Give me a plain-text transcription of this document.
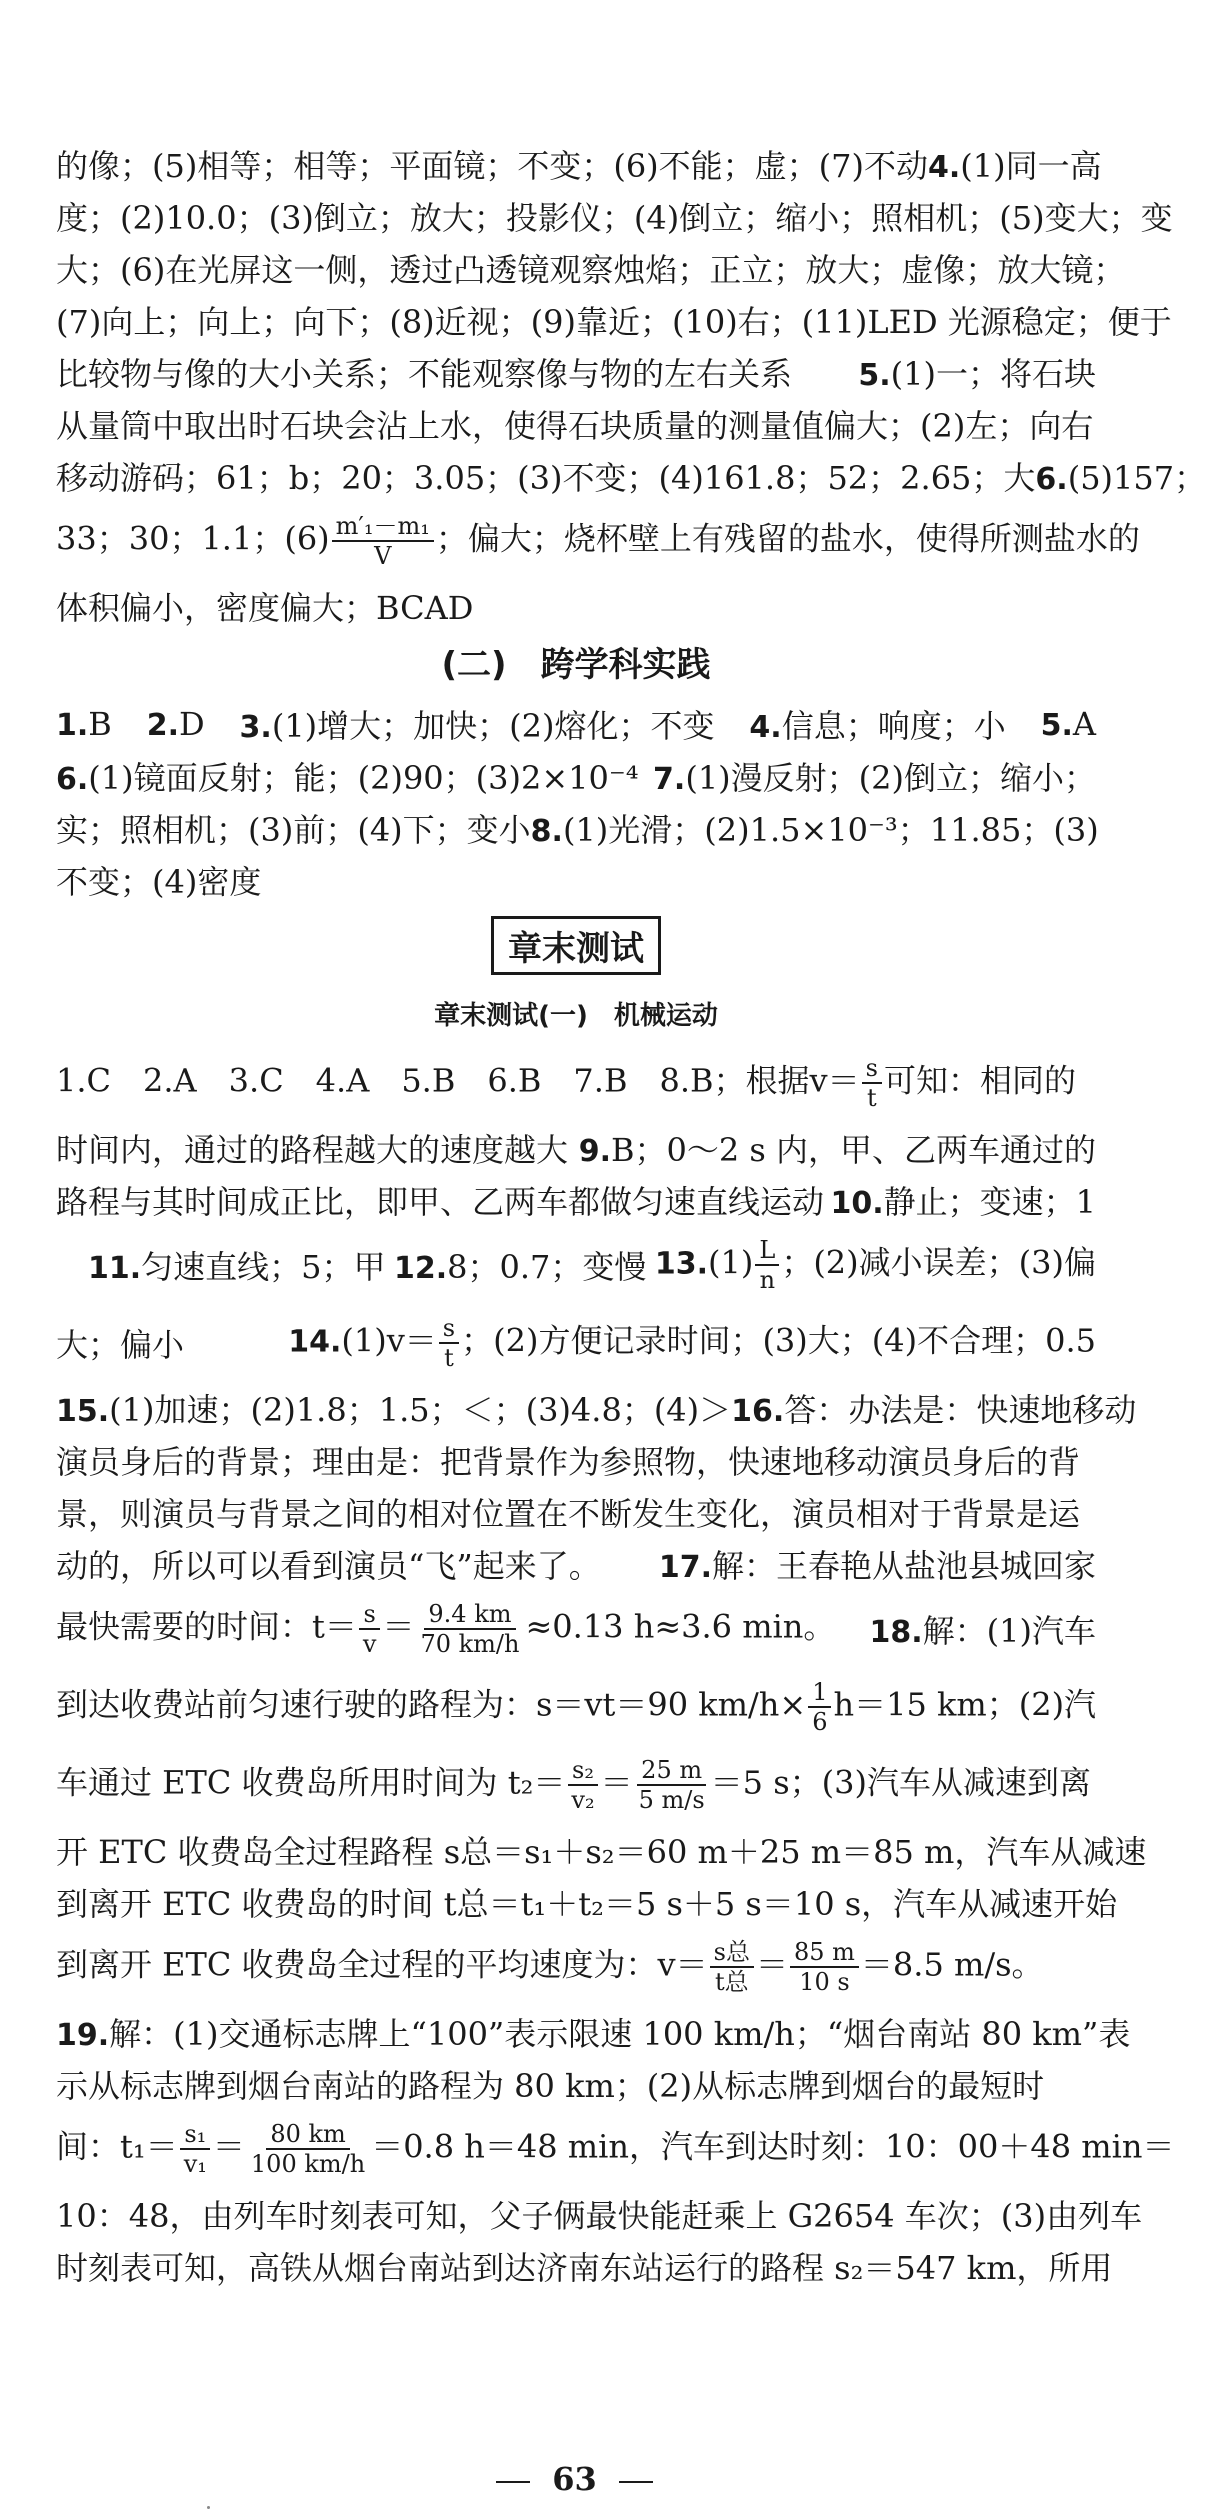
的像；(5)相等；相等；平面镜；不变；(6)不能；虚；(7)不动 4.(1)同一高
度；(2)10.0；(3)倒立；放大；投影仪；(4)倒立；缩小；照相机；(5)变大；变
大；(6)在光屏这一侧，透过凸透镜观察烛焰；正立；放大；虚像；放大镜；
(7)向上；向上；向下；(8)近视；(9)靠近；(10)右；(11)LED 光源稳定；便于
比较物与像的大小关系；不能观察像与物的左右关系 5.(1)一；将石块
从量筒中取出时石块会沾上水，使得石块质量的测量值偏大；(2)左；向右
移动游码；61；b；20；3.05；(3)不变；(4)161.8；52；2.65；大 6.(5)157；
33；30；1.1；$(6) \frac{\text{m′₁－m₁}}{V}$ ；偏大；烧杯壁上有残留的盐水，使得所测盐水的
体积偏小，密度偏大；BCAD
(二)　跨学科实践
1.B 2.D 3.(1)增大；加快；(2)熔化；不变 4.信息；响度；小 5.A
6.(1)镜面反射；能；(2)90；(3)2×10⁻⁴ 7.(1)漫反射；(2)倒立；缩小；
实；照相机；(3)前；(4)下；变小 8.(1)光滑；(2)1.5×10⁻³；11.85；(3)
不变；(4)密度
章末测试
章末测试(一)　机械运动
1.C　2.A　3.C　4.A　5.B　6.B　7.B　8.B；根据$v= \frac{s}{t}$ 可知：相同的
时间内，通过的路程越大的速度越大 9.B；0～2 s 内，甲、乙两车通过的
路程与其时间成正比，即甲、乙两车都做匀速直线运动 10.静止；变速；1
11.匀速直线；5；甲 12.8；0.7；变慢 $13.(1) \frac{L}{n}$ ；(2)减小误差；(3)偏
大；偏小	$14.(1)v= \frac{s}{t}$ ；(2)方便记录时间；(3)大；(4)不合理；0.5
15.(1)加速；(2)1.8；1.5；＜；(3)4.8；(4)＞ 16.答：办法是：快速地移动
演员身后的背景；理由是：把背景作为参照物，快速地移动演员身后的背
景，则演员与背景之间的相对位置在不断发生变化，演员相对于背景是运
动的，所以可以看到演员“飞”起来了。 17.解：王春艳从盐池县城回家
最快需要的时间：$t= \frac{s}{v} = \frac{9.4 km}{70 km/h} \approx 0.13$ h≈3.6 min。 18.解：(1)汽车
到达收费站前匀速行驶的路程为：s＝vt＝90 $km/h\times \frac{1}{6} h=15$ km；(2)汽
车通过 ETC 收费岛所用时间为 $t_2= \frac{\text{s₂}}{\text{v₂}} = \frac{25 m}{5 m/s} =5$ s；(3)汽车从减速到离
开 ETC 收费岛全过程路程 s总＝s₁＋s₂＝60 m＋25 m＝85 m，汽车从减速
到离开 ETC 收费岛的时间 t总＝t₁＋t₂＝5 s＋5 s＝10 s，汽车从减速开始
到离开 ETC 收费岛全过程的平均速度为：$v= \frac{\text{s总}}{\text{t总}} = \frac{85 m}{10 s} =8.5$ m/s。
19.解：(1)交通标志牌上“100”表示限速 100 km/h；“烟台南站 80 km”表
示从标志牌到烟台南站的路程为 80 km；(2)从标志牌到烟台的最短时
间：$t_1= \frac{\text{s₁}}{\text{v₁}} = \frac{80 km}{100 km/h} =0.8$ h＝48 min，汽车到达时刻：10：00＋48 min＝
10：48，由列车时刻表可知，父子俩最快能赶乘上 G2654 车次；(3)由列车
时刻表可知，高铁从烟台南站到达济南东站运行的路程 s₂＝547 km，所用
63
